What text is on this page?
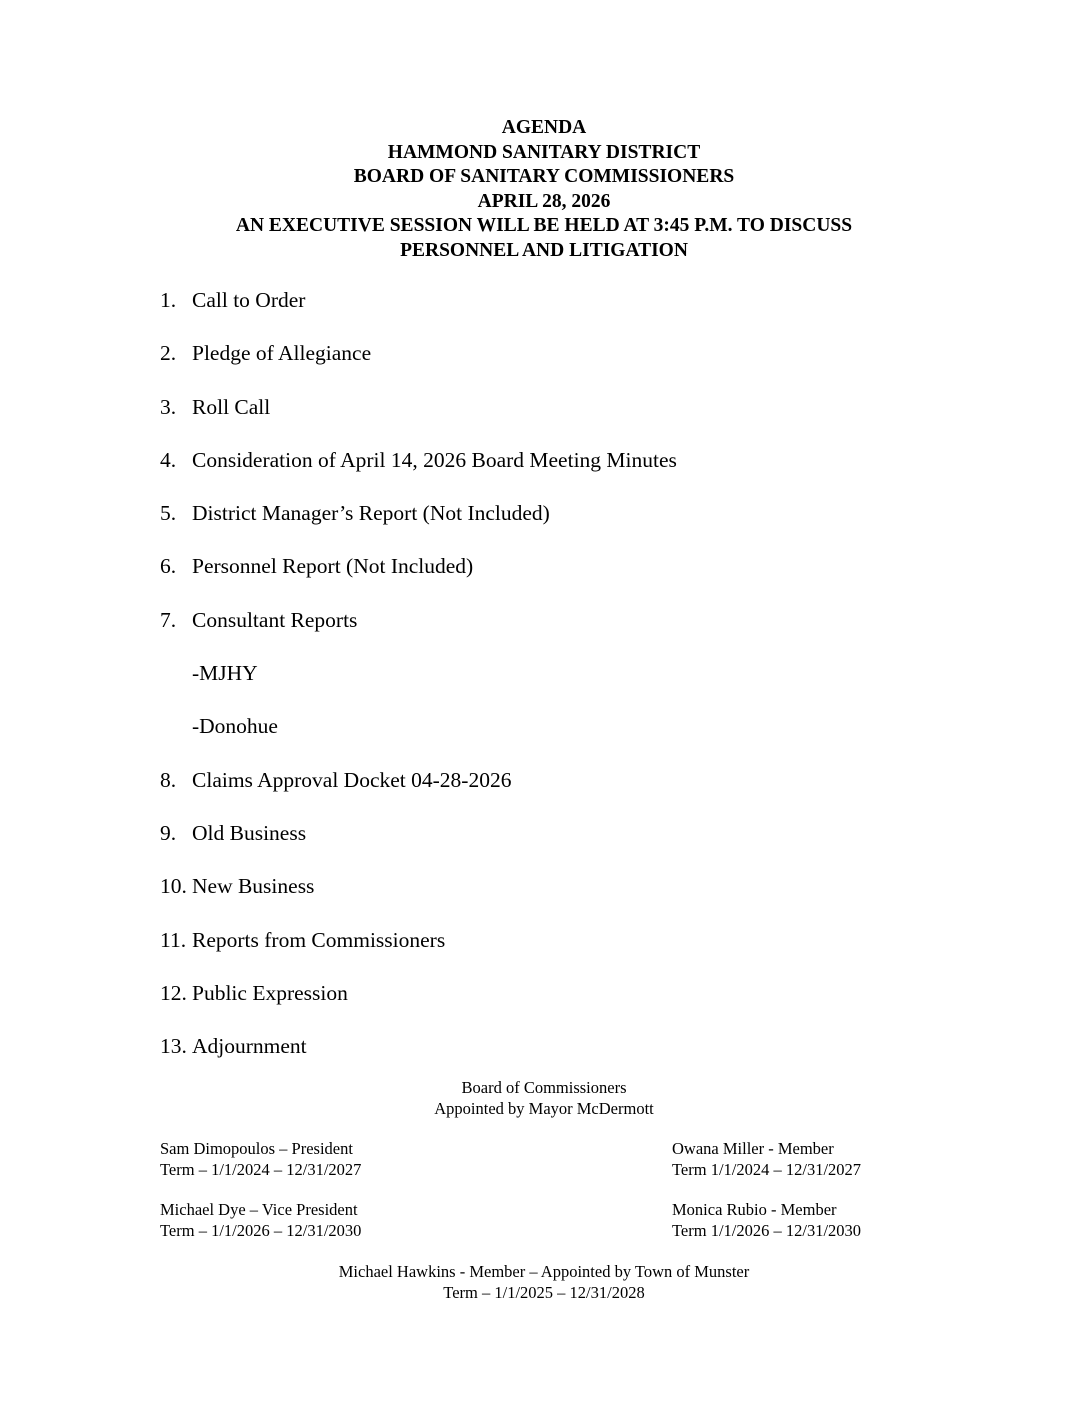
AGENDA
HAMMOND SANITARY DISTRICT
BOARD OF SANITARY COMMISSIONERS
APRIL 28, 2026
AN EXECUTIVE SESSION WILL BE HELD AT 3:45 P.M. TO DISCUSS
PERSONNEL AND LITIGATION
1. Call to Order
2. Pledge of Allegiance
3. Roll Call
4. Consideration of April 14, 2026 Board Meeting Minutes
5. District Manager’s Report (Not Included)
6. Personnel Report (Not Included)
7. Consultant Reports
-MJHY
-Donohue
8. Claims Approval Docket 04-28-2026
9. Old Business
10. New Business
11. Reports from Commissioners
12. Public Expression
13. Adjournment
Board of Commissioners
Appointed by Mayor McDermott
Sam Dimopoulos – President
Term – 1/1/2024 – 12/31/2027
Owana Miller - Member
Term 1/1/2024 – 12/31/2027
Michael Dye – Vice President
Term – 1/1/2026 – 12/31/2030
Monica Rubio - Member
Term 1/1/2026 – 12/31/2030
Michael Hawkins - Member – Appointed by Town of Munster
Term – 1/1/2025 – 12/31/2028
